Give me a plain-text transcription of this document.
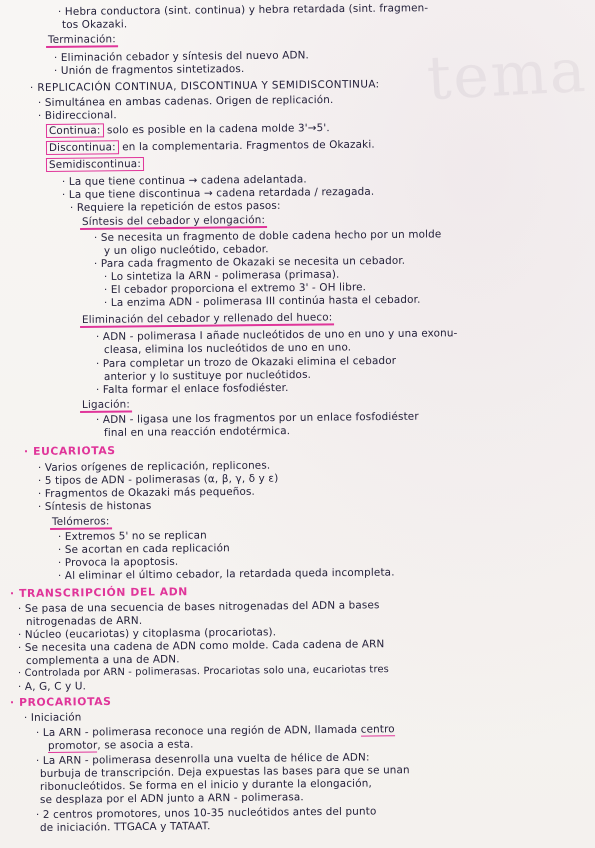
tema
· Hebra conductora (sint. continua) y hebra retardada (sint. fragmen-
tos Okazaki.
Terminación:
· Eliminación cebador y síntesis del nuevo ADN.
· Unión de fragmentos sintetizados.
· REPLICACIÓN CONTINUA, DISCONTINUA Y SEMIDISCONTINUA:
· Simultánea en ambas cadenas. Origen de replicación.
· Bidireccional.
Continua: solo es posible en la cadena molde 3'→5'.
Discontinua: en la complementaria. Fragmentos de Okazaki.
Semidiscontinua:
· La que tiene continua → cadena adelantada.
· La que tiene discontinua → cadena retardada / rezagada.
· Requiere la repetición de estos pasos:
Síntesis del cebador y elongación:
· Se necesita un fragmento de doble cadena hecho por un molde
y un oligo nucleótido, cebador.
· Para cada fragmento de Okazaki se necesita un cebador.
· Lo sintetiza la ARN - polimerasa (primasa).
· El cebador proporciona el extremo 3' - OH libre.
· La enzima ADN - polimerasa III continúa hasta el cebador.
Eliminación del cebador y rellenado del hueco:
· ADN - polimerasa I añade nucleótidos de uno en uno y una exonu-
cleasa, elimina los nucleótidos de uno en uno.
· Para completar un trozo de Okazaki elimina el cebador
anterior y lo sustituye por nucleótidos.
· Falta formar el enlace fosfodiéster.
Ligación:
· ADN - ligasa une los fragmentos por un enlace fosfodiéster
final en una reacción endotérmica.
· EUCARIOTAS
· Varios orígenes de replicación, replicones.
· 5 tipos de ADN - polimerasas (α, β, γ, δ y ε)
· Fragmentos de Okazaki más pequeños.
· Síntesis de histonas
Telómeros:
· Extremos 5' no se replican
· Se acortan en cada replicación
· Provoca la apoptosis.
· Al eliminar el último cebador, la retardada queda incompleta.
· TRANSCRIPCIÓN DEL ADN
· Se pasa de una secuencia de bases nitrogenadas del ADN a bases
nitrogenadas de ARN.
· Núcleo (eucariotas) y citoplasma (procariotas).
· Se necesita una cadena de ADN como molde. Cada cadena de ARN
complementa a una de ADN.
· Controlada por ARN - polimerasas. Procariotas solo una, eucariotas tres
· A, G, C y U.
· PROCARIOTAS
· Iniciación
· La ARN - polimerasa reconoce una región de ADN, llamada centro
promotor, se asocia a esta.
· La ARN - polimerasa desenrolla una vuelta de hélice de ADN:
burbuja de transcripción. Deja expuestas las bases para que se unan
ribonucleótidos. Se forma en el inicio y durante la elongación,
se desplaza por el ADN junto a ARN - polimerasa.
· 2 centros promotores, unos 10-35 nucleótidos antes del punto
de iniciación. TTGACA y TATAAT.
